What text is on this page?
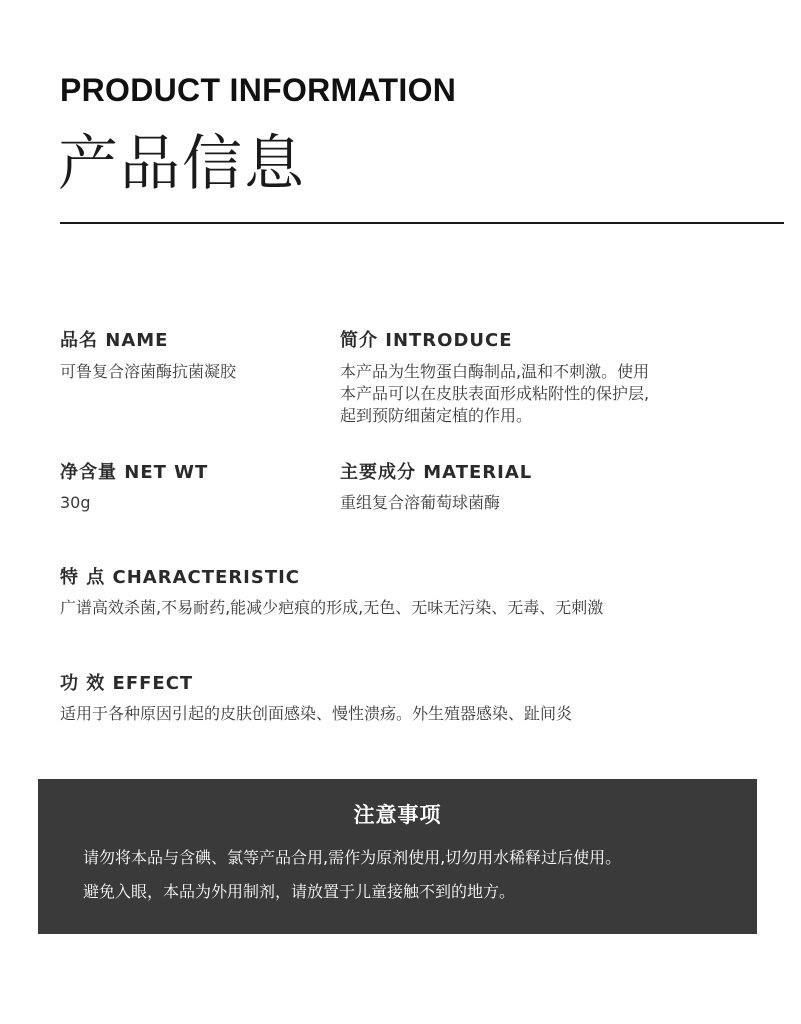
PRODUCT INFORMATION
产品信息
品名 NAME
可鲁复合溶菌酶抗菌凝胶
简介 INTRODUCE
本产品为生物蛋白酶制品,温和不刺激。使用
本产品可以在皮肤表面形成粘附性的保护层,
起到预防细菌定植的作用。
净含量 NET WT
30g
主要成分 MATERIAL
重组复合溶葡萄球菌酶
特 点 CHARACTERISTIC
广谱高效杀菌,不易耐药,能减少疤痕的形成,无色、无味无污染、无毒、无刺激
功 效 EFFECT
适用于各种原因引起的皮肤创面感染、慢性溃疡。外生殖器感染、趾间炎
注意事项
请勿将本品与含碘、氯等产品合用,需作为原剂使用,切勿用水稀释过后使用。
避免入眼，本品为外用制剂，请放置于儿童接触不到的地方。
